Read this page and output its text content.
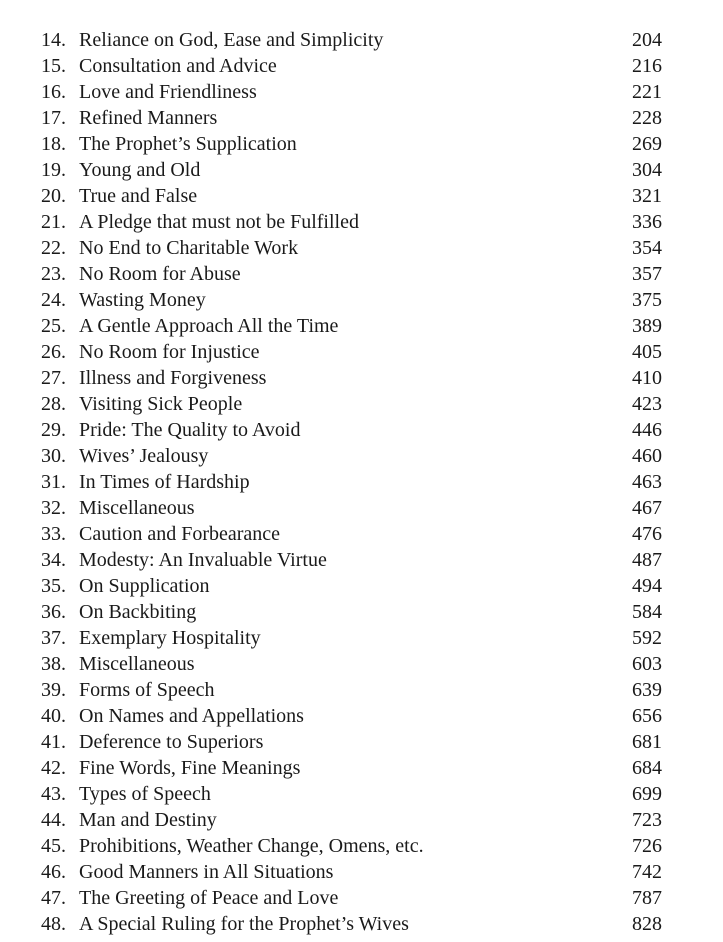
14. Reliance on God, Ease and Simplicity	204
15. Consultation and Advice	216
16. Love and Friendliness	221
17. Refined Manners	228
18. The Prophet’s Supplication	269
19. Young and Old	304
20. True and False	321
21. A Pledge that must not be Fulfilled	336
22. No End to Charitable Work	354
23. No Room for Abuse	357
24. Wasting Money	375
25. A Gentle Approach All the Time	389
26. No Room for Injustice	405
27. Illness and Forgiveness	410
28. Visiting Sick People	423
29. Pride: The Quality to Avoid	446
30. Wives’ Jealousy	460
31. In Times of Hardship	463
32. Miscellaneous	467
33. Caution and Forbearance	476
34. Modesty: An Invaluable Virtue	487
35. On Supplication	494
36. On Backbiting	584
37. Exemplary Hospitality	592
38. Miscellaneous	603
39. Forms of Speech	639
40. On Names and Appellations	656
41. Deference to Superiors	681
42. Fine Words, Fine Meanings	684
43. Types of Speech	699
44. Man and Destiny	723
45. Prohibitions, Weather Change, Omens, etc.	726
46. Good Manners in All Situations	742
47. The Greeting of Peace and Love	787
48. A Special Ruling for the Prophet’s Wives	828
